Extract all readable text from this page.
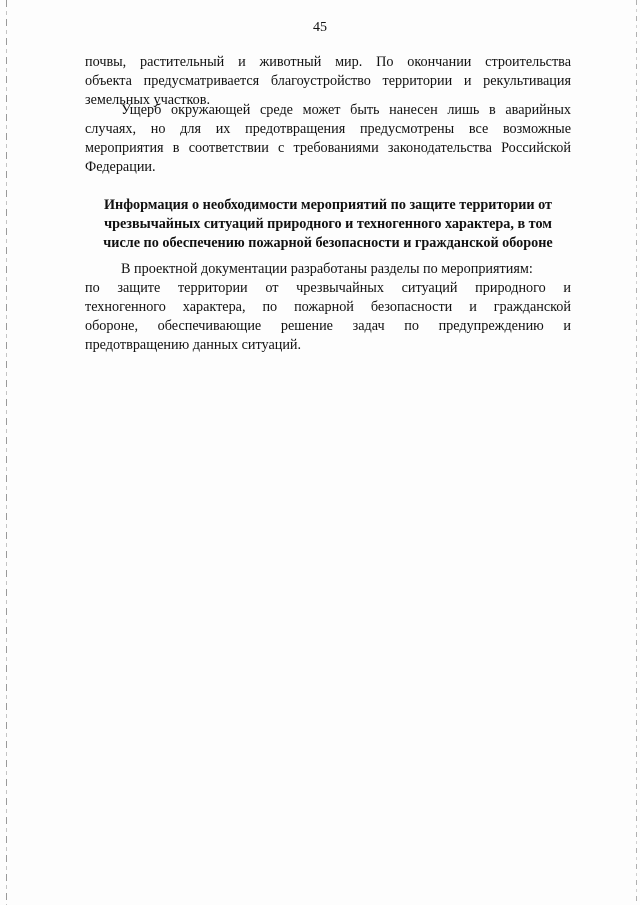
45
почвы, растительный и животный мир. По окончании строительства
объекта предусматривается благоустройство территории и рекультивация
земельных участков.
Ущерб окружающей среде может быть нанесен лишь в аварийных
случаях, но для их предотвращения предусмотрены все возможные
мероприятия в соответствии с требованиями законодательства Российской
Федерации.
Информация о необходимости мероприятий по защите территории от
чрезвычайных ситуаций природного и техногенного характера, в том
числе по обеспечению пожарной безопасности и гражданской обороне
В проектной документации разработаны разделы по мероприятиям:
по защите территории от чрезвычайных ситуаций природного и
техногенного характера, по пожарной безопасности и гражданской
обороне, обеспечивающие решение задач по предупреждению и
предотвращению данных ситуаций.
